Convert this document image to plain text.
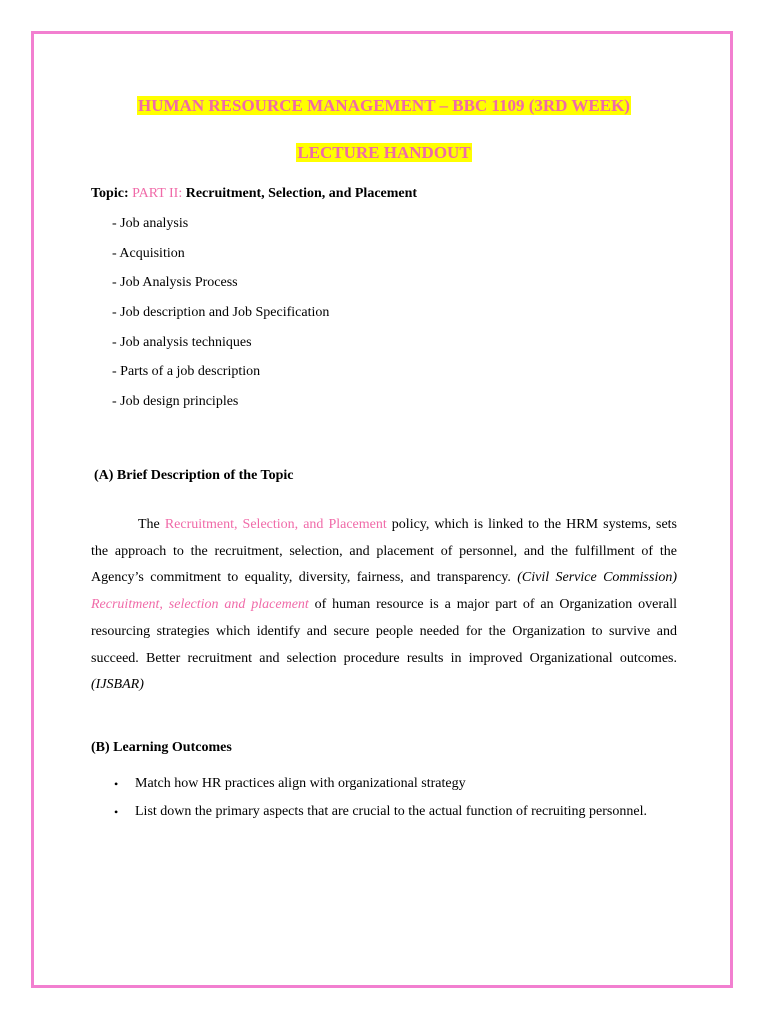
HUMAN RESOURCE MANAGEMENT – BBC 1109 (3RD WEEK)
LECTURE HANDOUT
Topic: PART II: Recruitment, Selection, and Placement
- Job analysis
- Acquisition
- Job Analysis Process
- Job description and Job Specification
- Job analysis techniques
- Parts of a job description
- Job design principles
(A) Brief Description of the Topic

The Recruitment, Selection, and Placement policy, which is linked to the HRM systems, sets the approach to the recruitment, selection, and placement of personnel, and the fulfillment of the Agency’s commitment to equality, diversity, fairness, and transparency. (Civil Service Commission) Recruitment, selection and placement of human resource is a major part of an Organization overall resourcing strategies which identify and secure people needed for the Organization to survive and succeed. Better recruitment and selection procedure results in improved Organizational outcomes. (IJSBAR)

(B) Learning Outcomes
• Match how HR practices align with organizational strategy
• List down the primary aspects that are crucial to the actual function of recruiting personnel.
